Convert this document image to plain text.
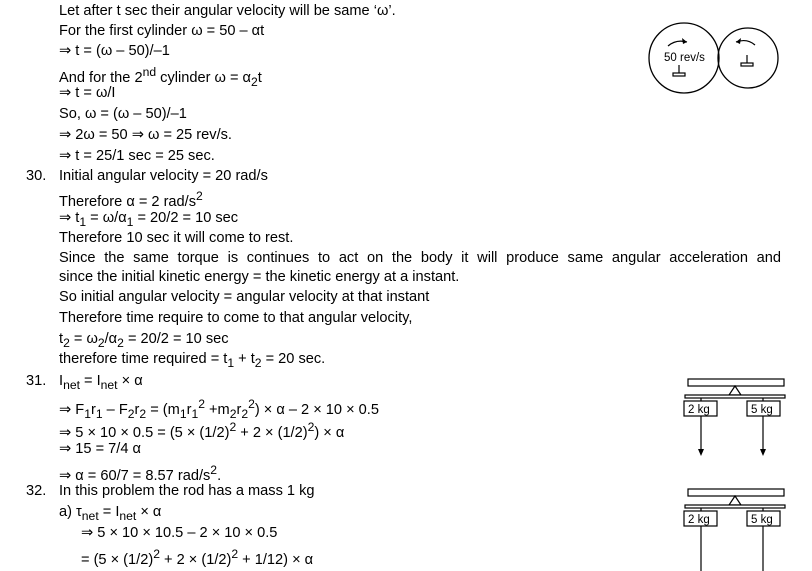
Let after t sec their angular velocity will be same ‘ω’.
For the first cylinder ω = 50 – αt
⇒ t = (ω – 50)/–1
And for the 2nd cylinder $\omega = \alpha_2t$
⇒ t = ω/I
So, ω = (ω – 50)/–1
⇒ 2ω = 50 ⇒ ω = 25 rev/s.
⇒ t = 25/1 sec = 25 sec.
30. Initial angular velocity = 20 rad/s
Therefore α = 2 rad/$s^2$
⇒ $t_1 = \omega/\alpha_1 = 20/2 = 10$ sec
Therefore 10 sec it will come to rest.
Since the same torque is continues to act on the body it will produce same angular acceleration and
since the initial kinetic energy = the kinetic energy at a instant.
So initial angular velocity = angular velocity at that instant
Therefore time require to come to that angular velocity,
$t_2 = \omega_2/\alpha_2 = 20/2 = 10$ sec
therefore time required = $t_1 + t_2 = 20$ sec.
31. $I_{net} = I_{net} \times \alpha$
⇒ $F_1r_1 - F_2r_2 = (m_1r_1^2 +m_2r_2^2) \times \alpha - 2 \times 10 \times 0.5$
⇒ $5 \times 10 \times 0.5 = (5 \times (1/2)^2 + 2 \times (1/2)^2) \times \alpha$
⇒ 15 = 7/4 α
⇒ α = 60/7 = 8.57 rad/$s^2$.
32. In this problem the rod has a mass 1 kg
a) $\tau_{net} = I_{net} \times \alpha$
⇒ 5 × 10 × 10.5 – 2 × 10 × 0.5
= $(5 \times (1/2)^2 + 2 \times (1/2)^2 + 1/12) \times \alpha$
50 rev/s
2 kg	5 kg
2 kg	5 kg
